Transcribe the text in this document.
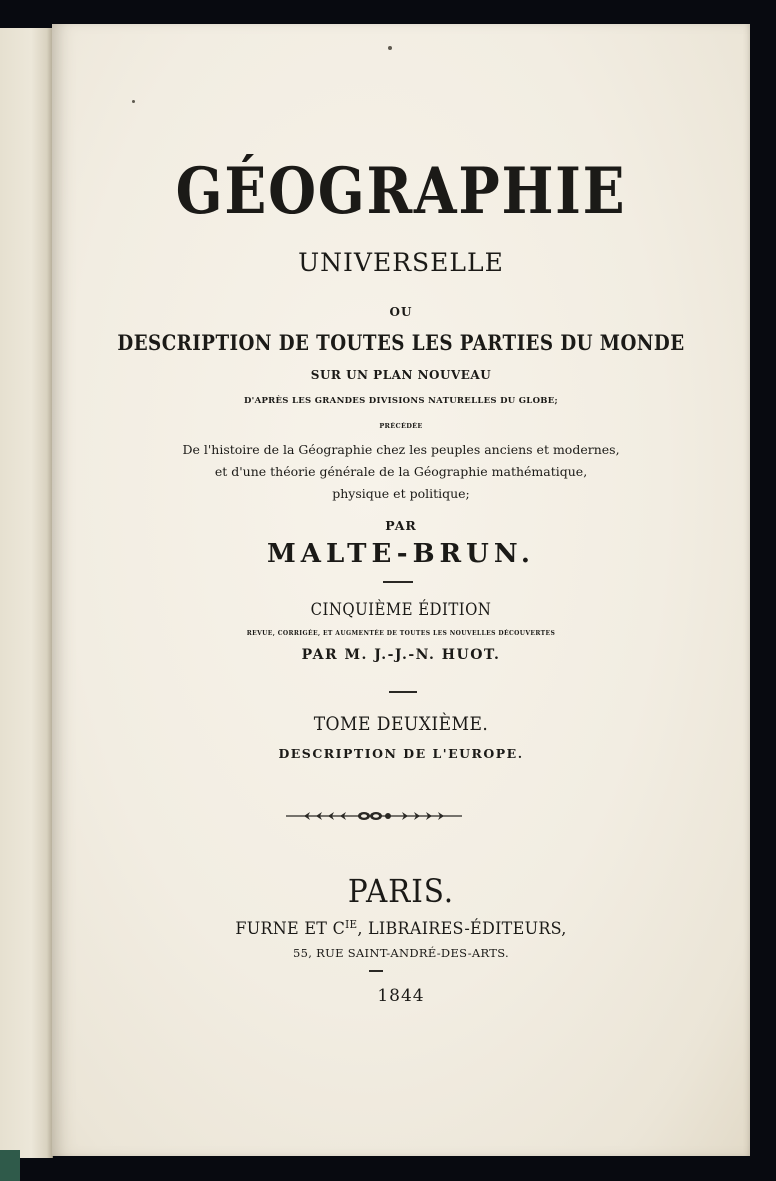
GÉOGRAPHIE
UNIVERSELLE
OU
DESCRIPTION DE TOUTES LES PARTIES DU MONDE
SUR UN PLAN NOUVEAU
D'APRÈS LES GRANDES DIVISIONS NATURELLES DU GLOBE;
PRÉCÉDÉE
De l'histoire de la Géographie chez les peuples anciens et modernes,
et d'une théorie générale de la Géographie mathématique,
physique et politique;
PAR
MALTE-BRUN.
CINQUIÈME ÉDITION
REVUE, CORRIGÉE, ET AUGMENTÉE DE TOUTES LES NOUVELLES DÉCOUVERTES
PAR M. J.-J.-N. HUOT.
TOME DEUXIÈME.
DESCRIPTION DE L'EUROPE.
PARIS.
FURNE ET $C^{IE}$, LIBRAIRES-ÉDITEURS,
55, RUE SAINT-ANDRÉ-DES-ARTS.
1844
